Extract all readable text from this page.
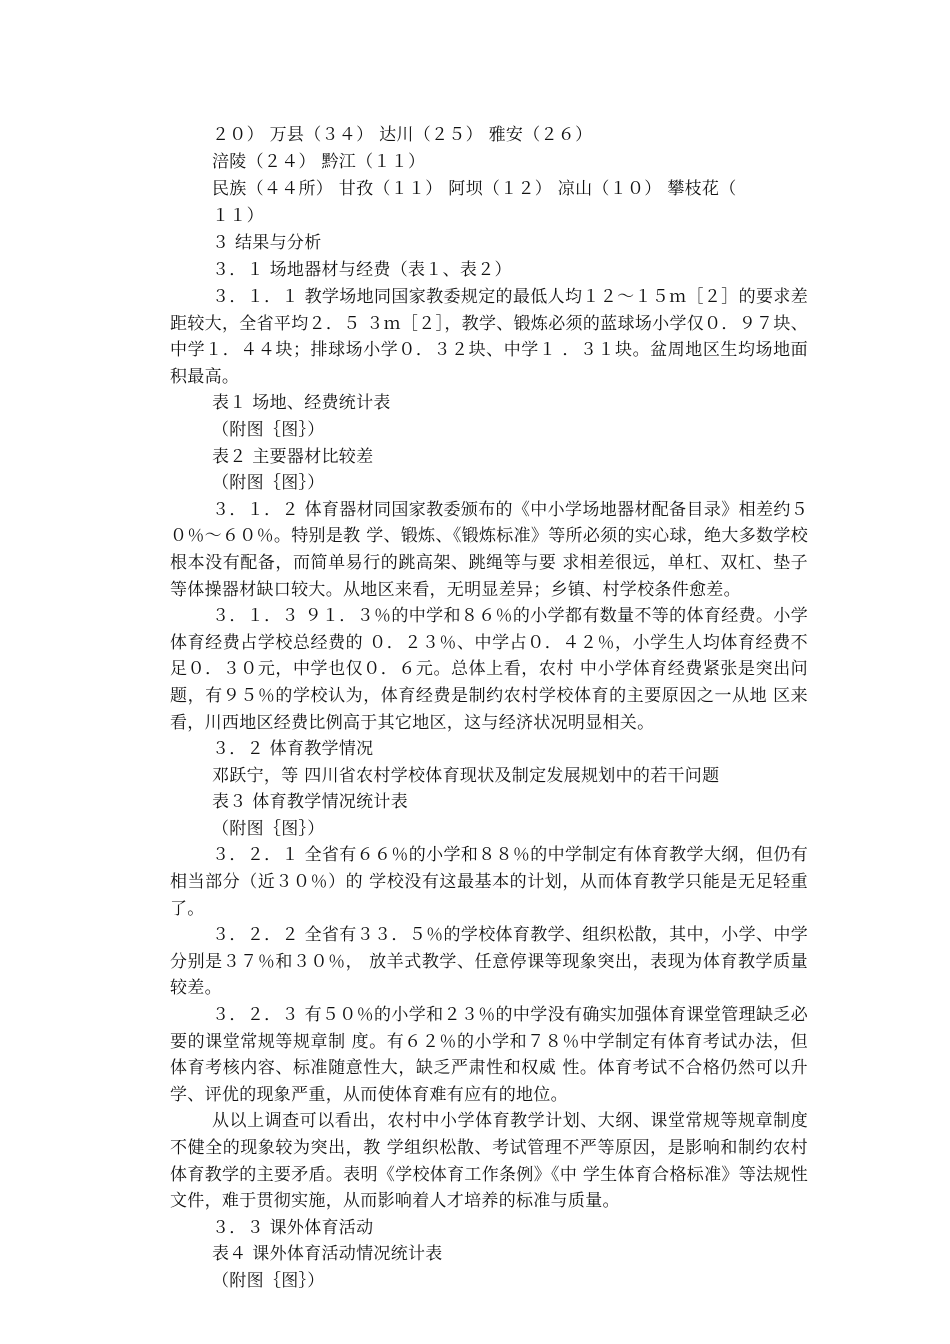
２０） 万县（３４） 达川（２５） 雅安（２６）

涪陵（２４） 黔江（１１）

民族（４４所） 甘孜（１１） 阿坝（１２） 凉山（１０） 攀枝花（

１１）

３ 结果与分析

３．１ 场地器材与经费（表１、表２）

３．１．１ 教学场地同国家教委规定的最低人均１２～１５ｍ［２］的要求差距较大，全省平均２．５ ３ｍ［２］，教学、锻炼必须的蓝球场小学仅０．９７块、中学１．４４块；排球场小学０．３２块、中学１ ．３１块。盆周地区生均场地面积最高。

表１ 场地、经费统计表

（附图｛图｝）

表２ 主要器材比较差

（附图｛图｝）

３．１．２ 体育器材同国家教委颁布的《中小学场地器材配备目录》相差约５０％～６０％。特别是教 学、锻炼、《锻炼标准》等所必须的实心球，绝大多数学校根本没有配备，而简单易行的跳高架、跳绳等与要 求相差很远，单杠、双杠、垫子等体操器材缺口较大。从地区来看，无明显差异；乡镇、村学校条件愈差。

３．１．３ ９１．３％的中学和８６％的小学都有数量不等的体育经费。小学体育经费占学校总经费的 ０．２３％、中学占０．４２％，小学生人均体育经费不足０．３０元，中学也仅０．６元。总体上看，农村 中小学体育经费紧张是突出问题，有９５％的学校认为，体育经费是制约农村学校体育的主要原因之一从地 区来看，川西地区经费比例高于其它地区，这与经济状况明显相关。

３．２ 体育教学情况

邓跃宁，等 四川省农村学校体育现状及制定发展规划中的若干问题

表３ 体育教学情况统计表

（附图｛图｝）

３．２．１ 全省有６６％的小学和８８％的中学制定有体育教学大纲，但仍有相当部分（近３０％）的 学校没有这最基本的计划，从而体育教学只能是无足轻重了。

３．２．２ 全省有３３．５％的学校体育教学、组织松散，其中，小学、中学分别是３７％和３０％， 放羊式教学、任意停课等现象突出，表现为体育教学质量较差。

３．２．３ 有５０％的小学和２３％的中学没有确实加强体育课堂管理缺乏必要的课堂常规等规章制 度。有６２％的小学和７８％中学制定有体育考试办法，但体育考核内容、标准随意性大，缺乏严肃性和权威 性。体育考试不合格仍然可以升学、评优的现象严重，从而使体育难有应有的地位。

从以上调查可以看出，农村中小学体育教学计划、大纲、课堂常规等规章制度不健全的现象较为突出，教 学组织松散、考试管理不严等原因，是影响和制约农村体育教学的主要矛盾。表明《学校体育工作条例》《中 学生体育合格标准》等法规性文件，难于贯彻实施，从而影响着人才培养的标准与质量。

３．３ 课外体育活动

表４ 课外体育活动情况统计表

（附图｛图｝）
